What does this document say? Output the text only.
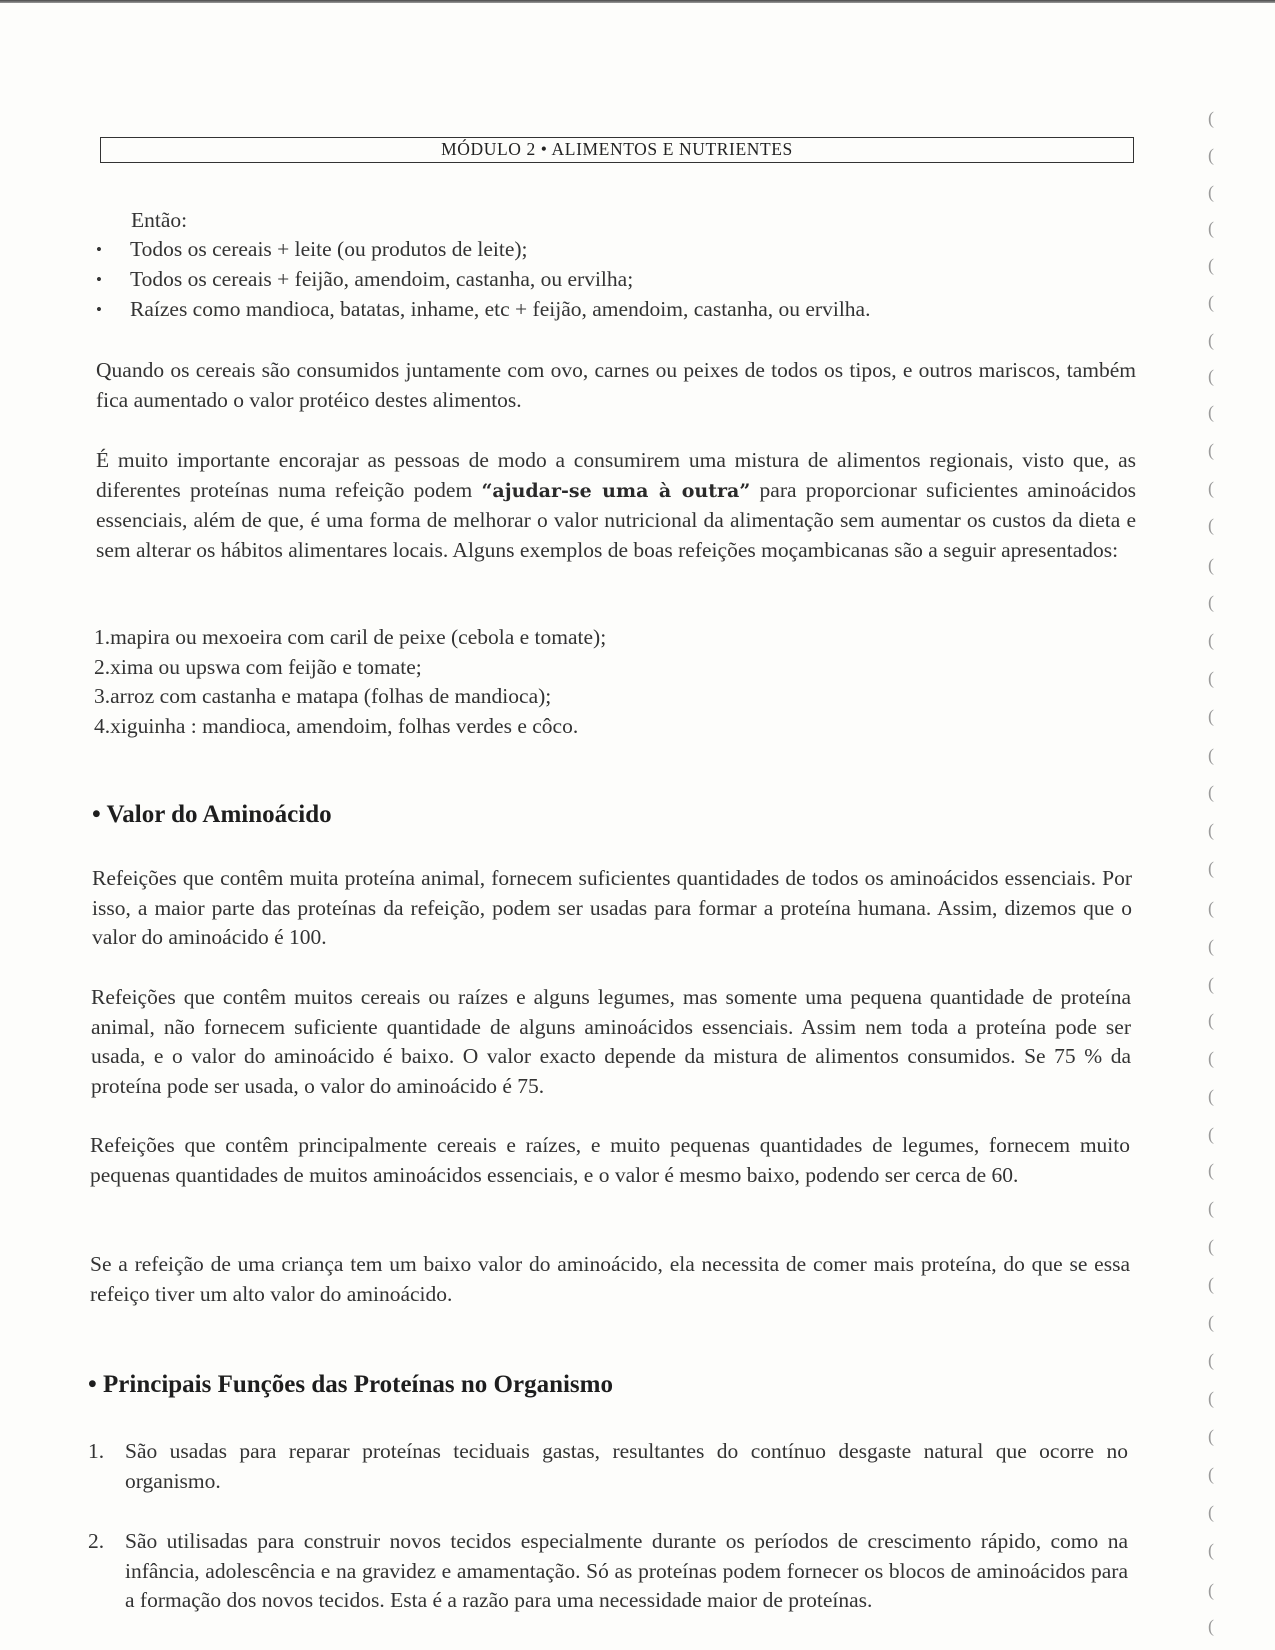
MÓDULO 2 • ALIMENTOS E NUTRIENTES

Então:

• Todos os cereais + leite (ou produtos de leite);
• Todos os cereais + feijão, amendoim, castanha, ou ervilha;
• Raízes como mandioca, batatas, inhame, etc + feijão, amendoim, castanha, ou ervilha.

Quando os cereais são consumidos juntamente com ovo, carnes ou peixes de todos os tipos, e outros mariscos, também fica aumentado o valor protéico destes alimentos.

É muito importante encorajar as pessoas de modo a consumirem uma mistura de alimentos regionais, visto que, as diferentes proteínas numa refeição podem “ajudar-se uma à outra” para proporcionar suficientes aminoácidos essenciais, além de que, é uma forma de melhorar o valor nutricional da alimentação sem aumentar os custos da dieta e sem alterar os hábitos alimentares locais. Alguns exemplos de boas refeições moçambicanas são a seguir apresentados:

1.mapira ou mexoeira com caril de peixe (cebola e tomate);
2.xima ou upswa com feijão e tomate;
3.arroz com castanha e matapa (folhas de mandioca);
4.xiguinha : mandioca, amendoim, folhas verdes e côco.
• Valor do Aminoácido

Refeições que contêm muita proteína animal, fornecem suficientes quantidades de todos os aminoácidos essenciais. Por isso, a maior parte das proteínas da refeição, podem ser usadas para formar a proteína humana. Assim, dizemos que o valor do aminoácido é 100.

Refeições que contêm muitos cereais ou raízes e alguns legumes, mas somente uma pequena quantidade de proteína animal, não fornecem suficiente quantidade de alguns aminoácidos essenciais. Assim nem toda a proteína pode ser usada, e o valor do aminoácido é baixo. O valor exacto depende da mistura de alimentos consumidos. Se 75 % da proteína pode ser usada, o valor do aminoácido é 75.

Refeições que contêm principalmente cereais e raízes, e muito pequenas quantidades de legumes, fornecem muito pequenas quantidades de muitos aminoácidos essenciais, e o valor é mesmo baixo, podendo ser cerca de 60.

Se a refeição de uma criança tem um baixo valor do aminoácido, ela necessita de comer mais proteína, do que se essa refeiço tiver um alto valor do aminoácido.

• Principais Funções das Proteínas no Organismo
1. São usadas para reparar proteínas teciduais gastas, resultantes do contínuo desgaste natural que ocorre no organismo.
2. São utilisadas para construir novos tecidos especialmente durante os períodos de crescimento rápido, como na infância, adolescência e na gravidez e amamentação. Só as proteínas podem fornecer os blocos de aminoácidos para a formação dos novos tecidos. Esta é a razão para uma necessidade maior de proteínas.
(
(
(
(
(
(
(
(
(
(
(
(
(
(
(
(
(
(
(
(
(
(
(
(
(
(
(
(
(
(
(
(
(
(
(
(
(
(
(
(
(
